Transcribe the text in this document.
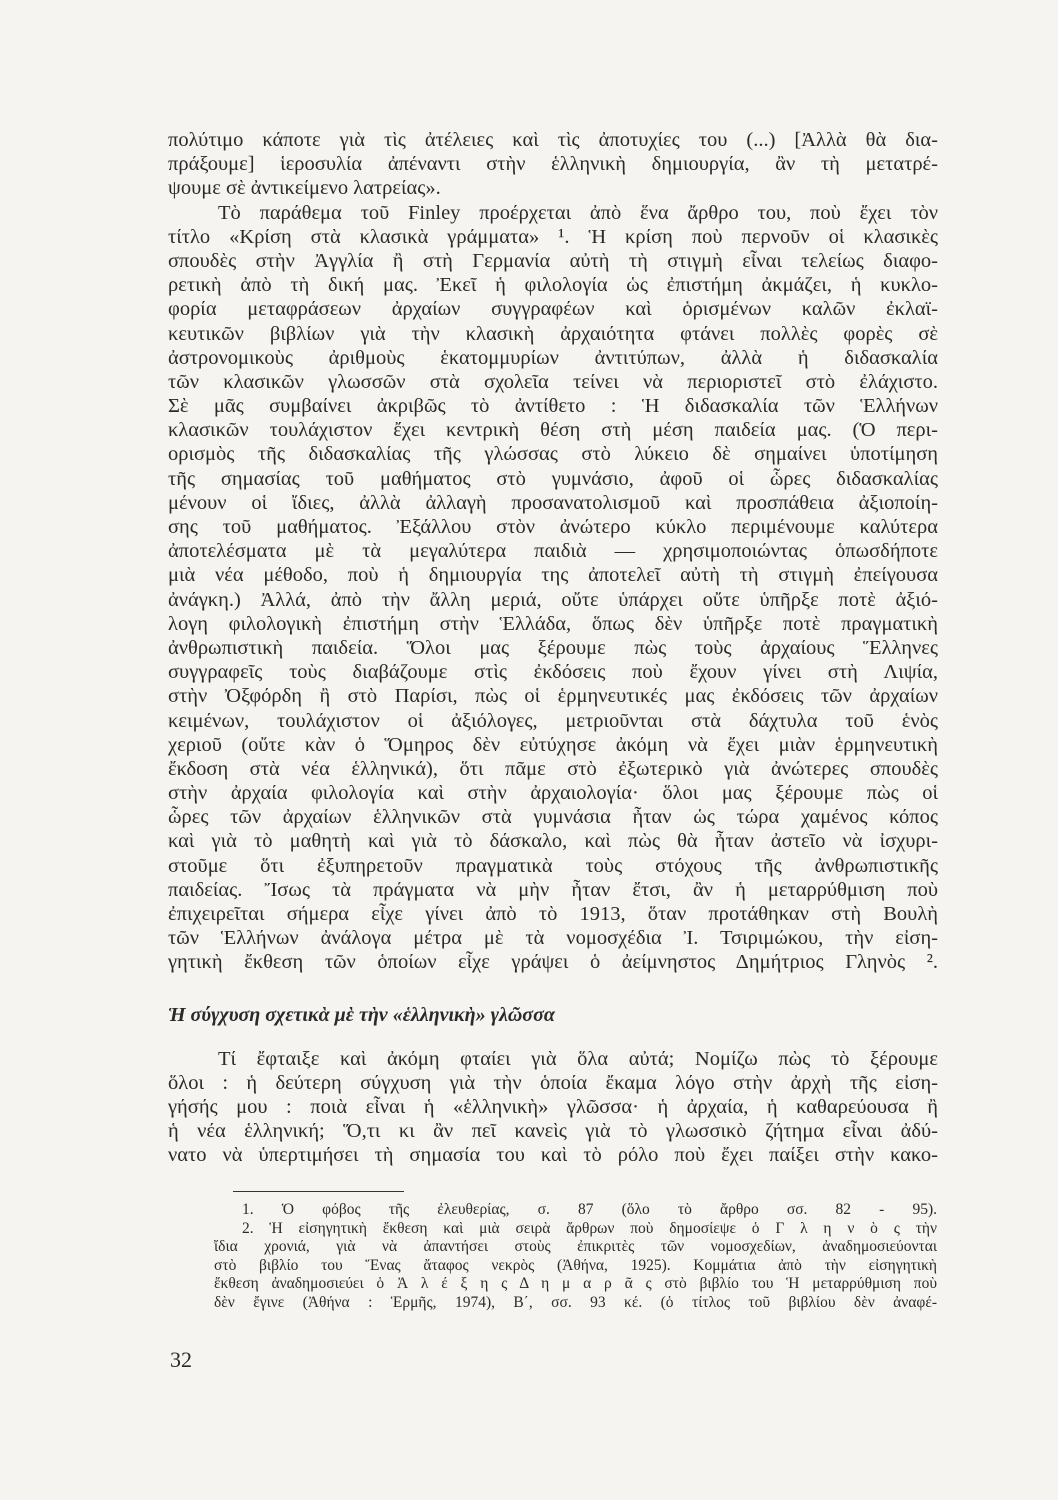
πολύτιμο κάποτε γιὰ τὶς ἀτέλειες καὶ τὶς ἀποτυχίες του (...) [Ἀλλὰ θὰ δια-
πράξουμε] ἱεροσυλία ἀπέναντι στὴν ἑλληνικὴ δημιουργία, ἂν τὴ μετατρέ-
ψουμε σὲ ἀντικείμενο λατρείας».
Τὸ παράθεμα τοῦ Finley προέρχεται ἀπὸ ἕνα ἄρθρο του, ποὺ ἔχει τὸν
τίτλο «Κρίση στὰ κλασικὰ γράμματα» ¹. Ἡ κρίση ποὺ περνοῦν οἱ κλασικὲς
σπουδὲς στὴν Ἀγγλία ἢ στὴ Γερμανία αὐτὴ τὴ στιγμὴ εἶναι τελείως διαφο-
ρετικὴ ἀπὸ τὴ δική μας. Ἐκεῖ ἡ φιλολογία ὡς ἐπιστήμη ἀκμάζει, ἡ κυκλο-
φορία μεταφράσεων ἀρχαίων συγγραφέων καὶ ὁρισμένων καλῶν ἐκλαϊ-
κευτικῶν βιβλίων γιὰ τὴν κλασικὴ ἀρχαιότητα φτάνει πολλὲς φορὲς σὲ
ἀστρονομικοὺς ἀριθμοὺς ἑκατομμυρίων ἀντιτύπων, ἀλλὰ ἡ διδασκαλία
τῶν κλασικῶν γλωσσῶν στὰ σχολεῖα τείνει νὰ περιοριστεῖ στὸ ἐλάχιστο.
Σὲ μᾶς συμβαίνει ἀκριβῶς τὸ ἀντίθετο : Ἡ διδασκαλία τῶν Ἑλλήνων
κλασικῶν τουλάχιστον ἔχει κεντρικὴ θέση στὴ μέση παιδεία μας. (Ὁ περι-
ορισμὸς τῆς διδασκαλίας τῆς γλώσσας στὸ λύκειο δὲ σημαίνει ὑποτίμηση
τῆς σημασίας τοῦ μαθήματος στὸ γυμνάσιο, ἀφοῦ οἱ ὧρες διδασκαλίας
μένουν οἱ ἴδιες, ἀλλὰ ἀλλαγὴ προσανατολισμοῦ καὶ προσπάθεια ἀξιοποίη-
σης τοῦ μαθήματος. Ἐξάλλου στὸν ἀνώτερο κύκλο περιμένουμε καλύτερα
ἀποτελέσματα μὲ τὰ μεγαλύτερα παιδιὰ — χρησιμοποιώντας ὁπωσδήποτε
μιὰ νέα μέθοδο, ποὺ ἡ δημιουργία της ἀποτελεῖ αὐτὴ τὴ στιγμὴ ἐπείγουσα
ἀνάγκη.) Ἀλλά, ἀπὸ τὴν ἄλλη μεριά, οὔτε ὑπάρχει οὔτε ὑπῆρξε ποτὲ ἀξιό-
λογη φιλολογικὴ ἐπιστήμη στὴν Ἑλλάδα, ὅπως δὲν ὑπῆρξε ποτὲ πραγματικὴ
ἀνθρωπιστικὴ παιδεία. Ὅλοι μας ξέρουμε πὼς τοὺς ἀρχαίους Ἕλληνες
συγγραφεῖς τοὺς διαβάζουμε στὶς ἐκδόσεις ποὺ ἔχουν γίνει στὴ Λιψία,
στὴν Ὀξφόρδη ἢ στὸ Παρίσι, πὼς οἱ ἑρμηνευτικές μας ἐκδόσεις τῶν ἀρχαίων
κειμένων, τουλάχιστον οἱ ἀξιόλογες, μετριοῦνται στὰ δάχτυλα τοῦ ἑνὸς
χεριοῦ (οὔτε κὰν ὁ Ὅμηρος δὲν εὐτύχησε ἀκόμη νὰ ἔχει μιὰν ἑρμηνευτικὴ
ἔκδοση στὰ νέα ἑλληνικά), ὅτι πᾶμε στὸ ἐξωτερικὸ γιὰ ἀνώτερες σπουδὲς
στὴν ἀρχαία φιλολογία καὶ στὴν ἀρχαιολογία· ὅλοι μας ξέρουμε πὼς οἱ
ὧρες τῶν ἀρχαίων ἑλληνικῶν στὰ γυμνάσια ἦταν ὡς τώρα χαμένος κόπος
καὶ γιὰ τὸ μαθητὴ καὶ γιὰ τὸ δάσκαλο, καὶ πὼς θὰ ἦταν ἀστεῖο νὰ ἰσχυρι-
στοῦμε ὅτι ἐξυπηρετοῦν πραγματικὰ τοὺς στόχους τῆς ἀνθρωπιστικῆς
παιδείας. Ἴσως τὰ πράγματα νὰ μὴν ἦταν ἔτσι, ἂν ἡ μεταρρύθμιση ποὺ
ἐπιχειρεῖται σήμερα εἶχε γίνει ἀπὸ τὸ 1913, ὅταν προτάθηκαν στὴ Βουλὴ
τῶν Ἑλλήνων ἀνάλογα μέτρα μὲ τὰ νομοσχέδια Ἰ. Τσιριμώκου, τὴν εἰση-
γητικὴ ἔκθεση τῶν ὁποίων εἶχε γράψει ὁ ἀείμνηστος Δημήτριος Γληνὸς ².
Ἡ σύγχυση σχετικὰ μὲ τὴν «ἑλληνικὴ» γλῶσσα
Τί ἔφταιξε καὶ ἀκόμη φταίει γιὰ ὅλα αὐτά; Νομίζω πὼς τὸ ξέρουμε
ὅλοι : ἡ δεύτερη σύγχυση γιὰ τὴν ὁποία ἔκαμα λόγο στὴν ἀρχὴ τῆς εἰση-
γήσής μου : ποιὰ εἶναι ἡ «ἑλληνικὴ» γλῶσσα· ἡ ἀρχαία, ἡ καθαρεύουσα ἢ
ἡ νέα ἑλληνική; Ὅ,τι κι ἂν πεῖ κανεὶς γιὰ τὸ γλωσσικὸ ζήτημα εἶναι ἀδύ-
νατο νὰ ὑπερτιμήσει τὴ σημασία του καὶ τὸ ρόλο ποὺ ἔχει παίξει στὴν κακο-
1. Ὁ φόβος τῆς ἐλευθερίας, σ. 87 (ὅλο τὸ ἄρθρο σσ. 82 - 95).
2. Ἡ εἰσηγητικὴ ἔκθεση καὶ μιὰ σειρὰ ἄρθρων ποὺ δημοσίεψε ὁ Γ λ η ν ὸ ς τὴν
ἴδια χρονιά, γιὰ νὰ ἀπαντήσει στοὺς ἐπικριτὲς τῶν νομοσχεδίων, ἀναδημοσιεύονται
στὸ βιβλίο του Ἕνας ἄταφος νεκρὸς (Ἀθήνα, 1925). Κομμάτια ἀπὸ τὴν εἰσηγητικὴ
ἔκθεση ἀναδημοσιεύει ὁ Ἀ λ έ ξ η ς Δ η μ α ρ ᾶ ς στὸ βιβλίο του Ἡ μεταρρύθμιση ποὺ
δὲν ἔγινε (Ἀθήνα : Ἑρμῆς, 1974), Β΄, σσ. 93 κέ. (ὁ τίτλος τοῦ βιβλίου δὲν ἀναφέ-
32
